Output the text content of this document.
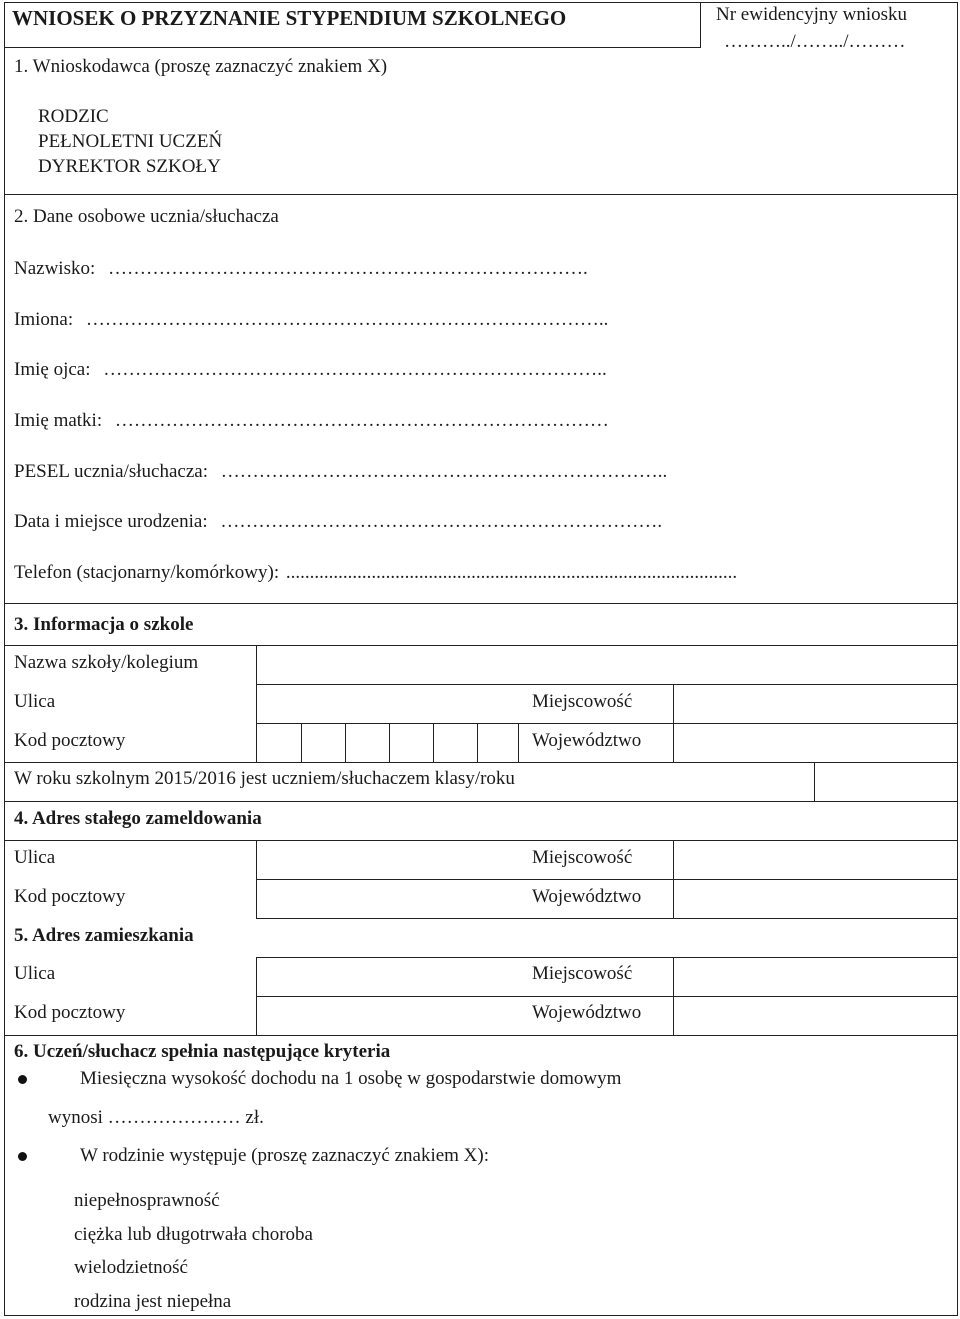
WNIOSEK O PRZYZNANIE STYPENDIUM SZKOLNEGO	Nr ewidencyjny wniosku
………../……../………
1. Wnioskodawca (proszę zaznaczyć znakiem X)
RODZIC
PEŁNOLETNI UCZEŃ
DYREKTOR SZKOŁY
2. Dane osobowe ucznia/słuchacza
Nazwisko: ………………………………………………………………….
Imiona: ………………………………………………………………………..
Imię ojca: ……………………………………………………………………..
Imię matki: ……………………………………………………………………
PESEL ucznia/słuchacza: ……………………………………………………………..
Data i miejsce urodzenia: …………………………………………………………….
Telefon (stacjonarny/komórkowy): ...............................................................................................
3. Informacja o szkole
Nazwa szkoły/kolegium
Ulica	Miejscowość
Kod pocztowy	Województwo
W roku szkolnym 2015/2016 jest uczniem/słuchaczem klasy/roku
4. Adres stałego zameldowania
Ulica	Miejscowość
Kod pocztowy	Województwo
5. Adres zamieszkania
Ulica	Miejscowość
Kod pocztowy	Województwo
6. Uczeń/słuchacz spełnia następujące kryteria
Miesięczna wysokość dochodu na 1 osobę w gospodarstwie domowym
wynosi ………………… zł.
W rodzinie występuje (proszę zaznaczyć znakiem X):
niepełnosprawność
ciężka lub długotrwała choroba
wielodzietność
rodzina jest niepełna
